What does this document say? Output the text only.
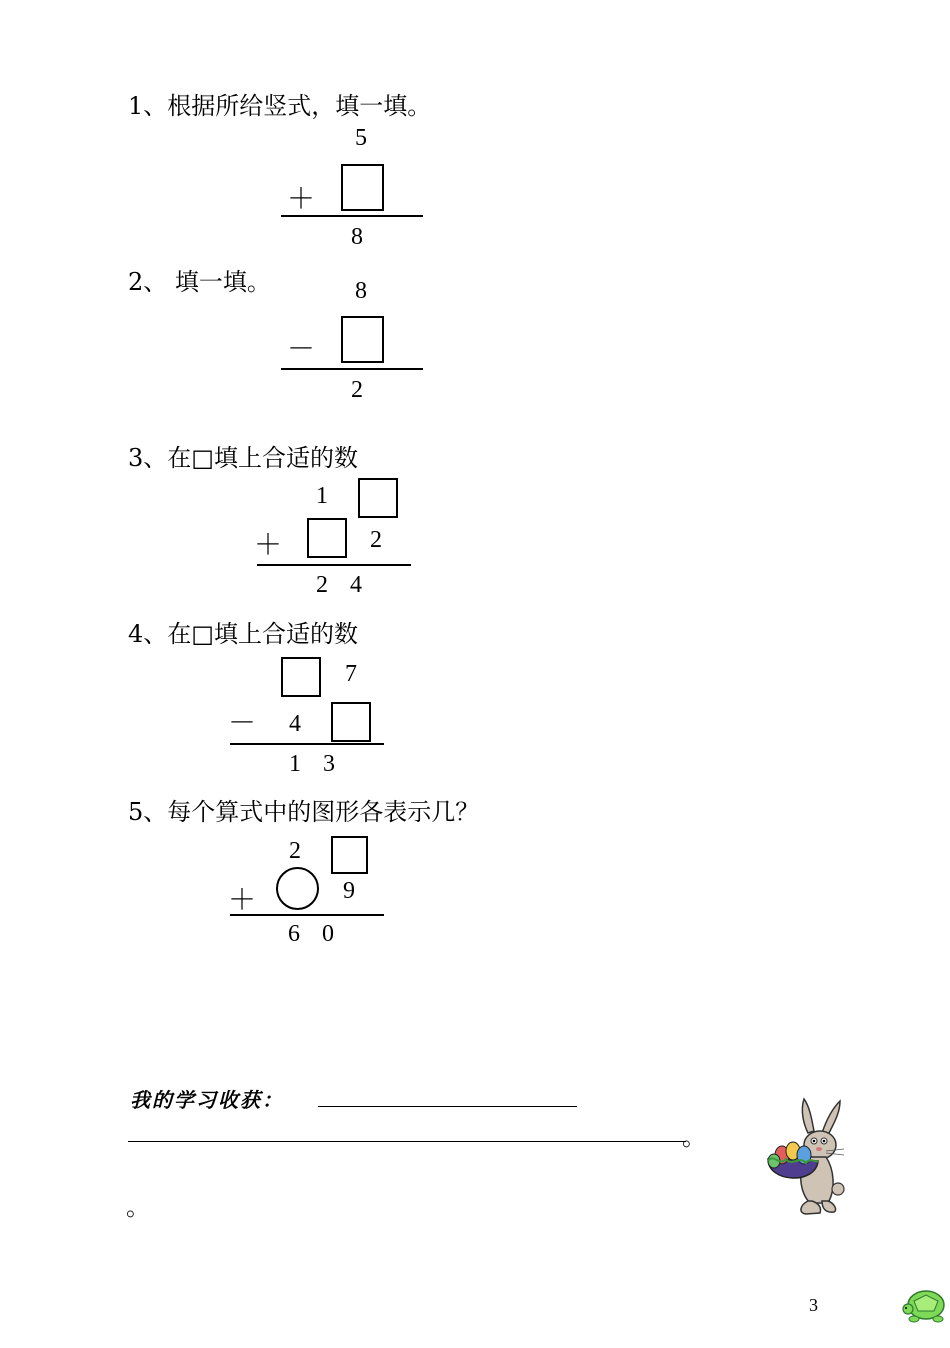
1、根据所给竖式，填一填。
5
＋
8
2、 填一填。	8
－
2
3、在□填上合适的数
1
＋	2
2 4
4、在□填上合适的数
7
－ 4
1 3
5、每个算式中的图形各表示几？
2
＋	9
6 0
我的学习收获：
。
。
3
